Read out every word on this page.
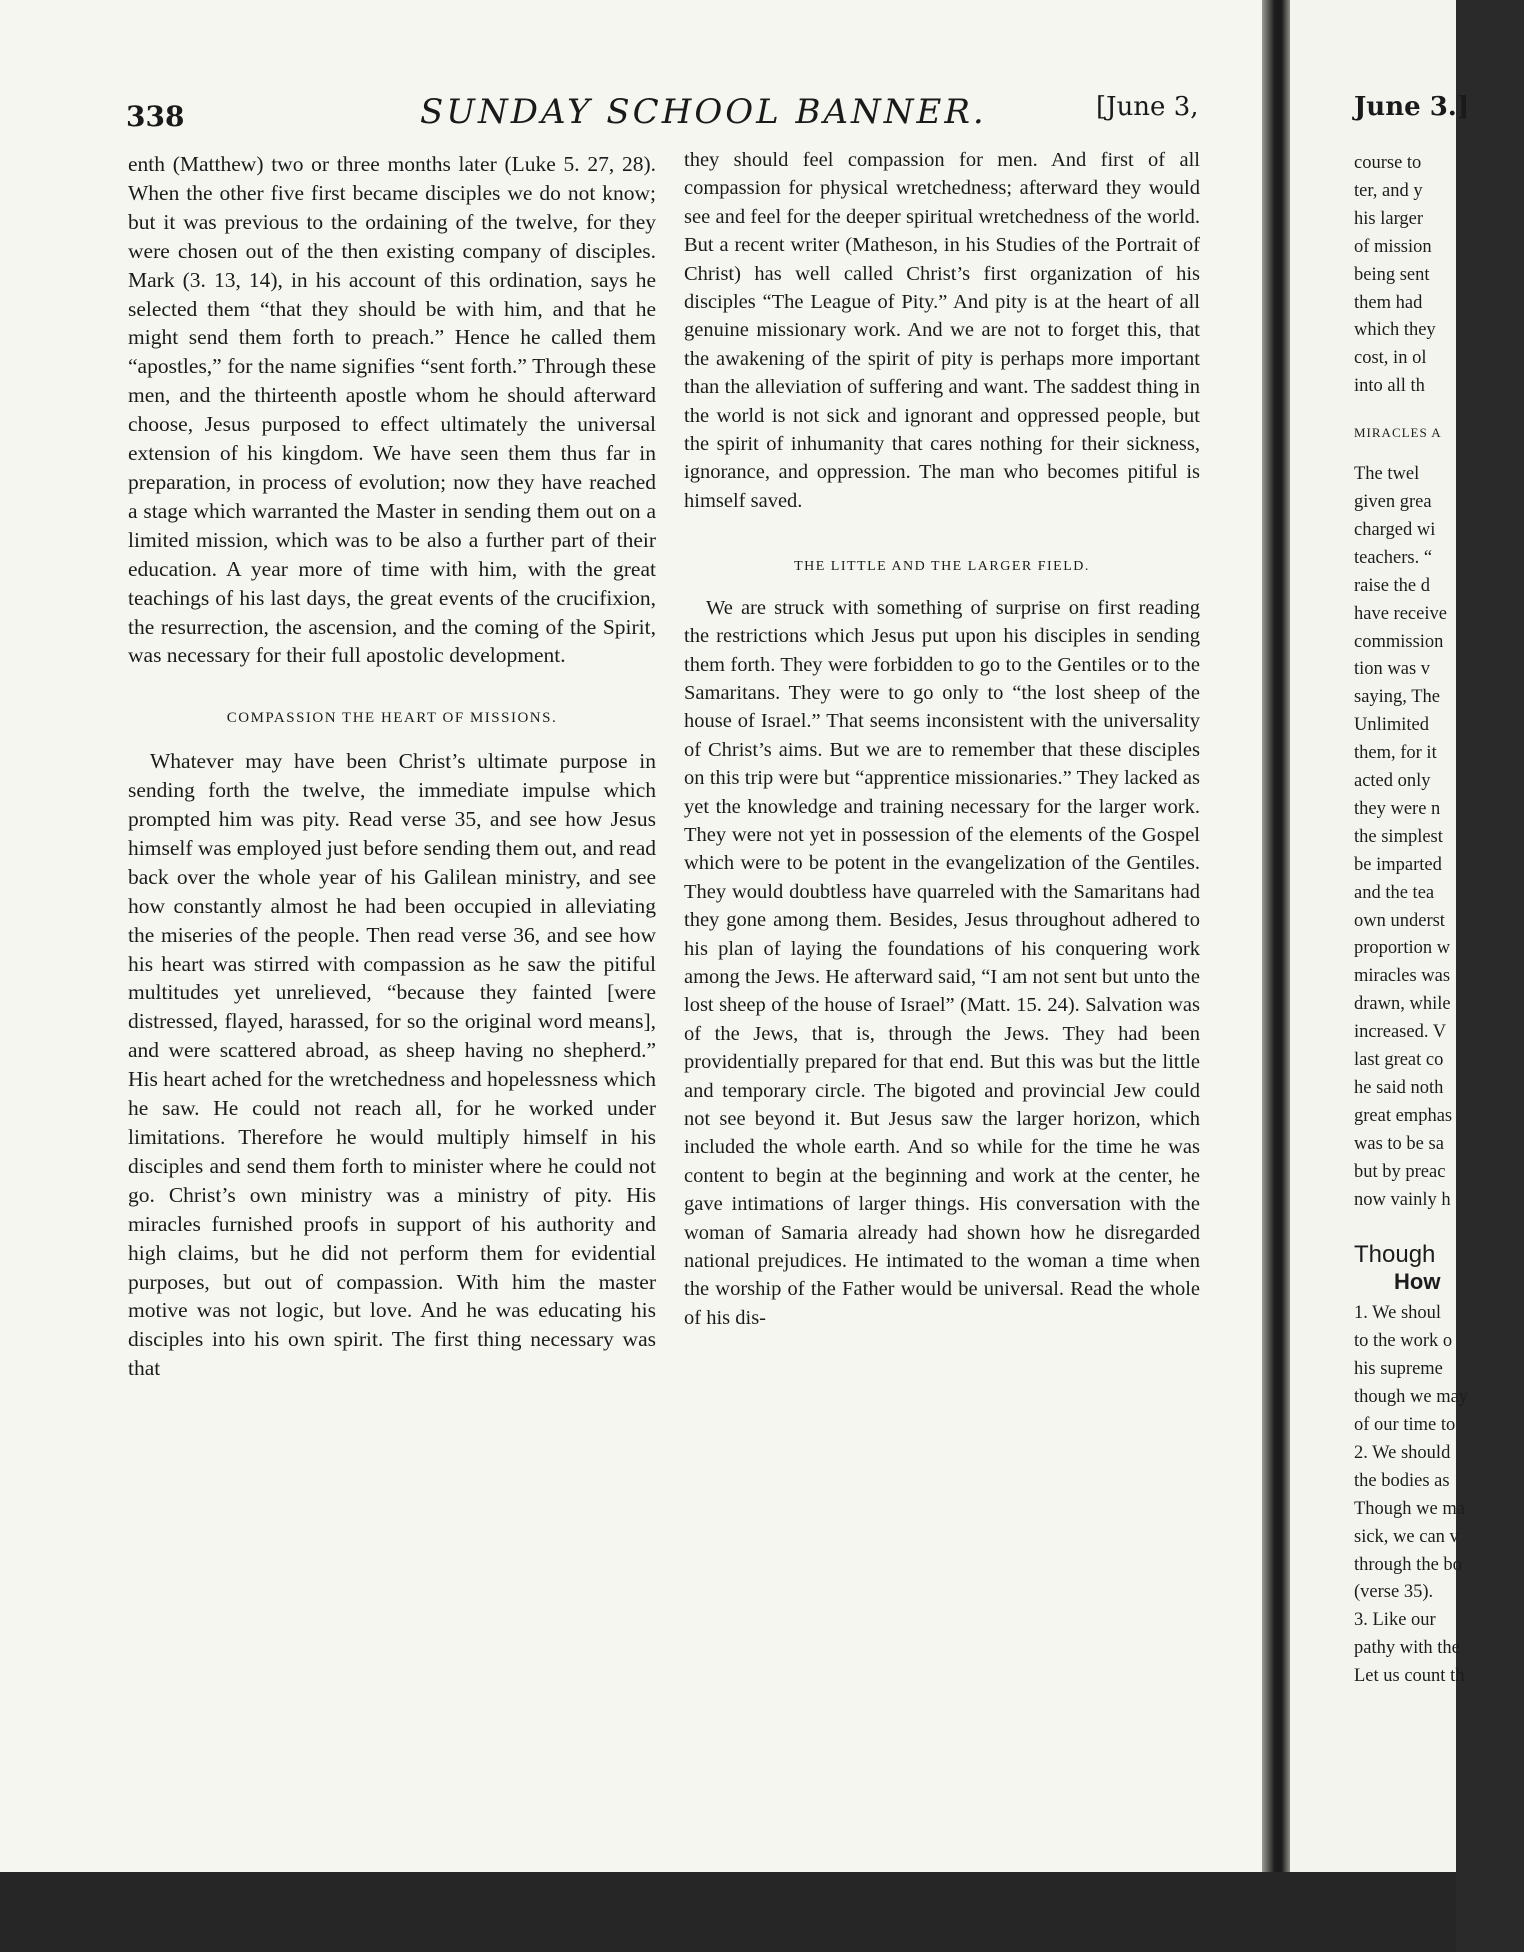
338	SUNDAY SCHOOL BANNER.	[June 3,

enth (Matthew) two or three months later (Luke 5. 27, 28). When the other five first became disciples we do not know; but it was previous to the ordaining of the twelve, for they were chosen out of the then existing company of disciples. Mark (3. 13, 14), in his account of this ordination, says he selected them “that they should be with him, and that he might send them forth to preach.” Hence he called them “apostles,” for the name signifies “sent forth.” Through these men, and the thirteenth apostle whom he should afterward choose, Jesus purposed to effect ultimately the universal extension of his kingdom. We have seen them thus far in preparation, in process of evolution; now they have reached a stage which warranted the Master in sending them out on a limited mission, which was to be also a further part of their education. A year more of time with him, with the great teachings of his last days, the great events of the crucifixion, the resurrection, the ascension, and the coming of the Spirit, was necessary for their full apostolic development.

COMPASSION THE HEART OF MISSIONS.

Whatever may have been Christ’s ultimate purpose in sending forth the twelve, the immediate impulse which prompted him was pity. Read verse 35, and see how Jesus himself was employed just before sending them out, and read back over the whole year of his Galilean ministry, and see how constantly almost he had been occupied in alleviating the miseries of the people. Then read verse 36, and see how his heart was stirred with compassion as he saw the pitiful multitudes yet unrelieved, “because they fainted [were distressed, flayed, harassed, for so the original word means], and were scattered abroad, as sheep having no shepherd.” His heart ached for the wretchedness and hopelessness which he saw. He could not reach all, for he worked under limitations. Therefore he would multiply himself in his disciples and send them forth to minister where he could not go. Christ’s own ministry was a ministry of pity. His miracles furnished proofs in support of his authority and high claims, but he did not perform them for evidential purposes, but out of compassion. With him the master motive was not logic, but love. And he was educating his disciples into his own spirit. The first thing necessary was that

they should feel compassion for men. And first of all compassion for physical wretchedness; afterward they would see and feel for the deeper spiritual wretchedness of the world. But a recent writer (Matheson, in his Studies of the Portrait of Christ) has well called Christ’s first organization of his disciples “The League of Pity.” And pity is at the heart of all genuine missionary work. And we are not to forget this, that the awakening of the spirit of pity is perhaps more important than the alleviation of suffering and want. The saddest thing in the world is not sick and ignorant and oppressed people, but the spirit of inhumanity that cares nothing for their sickness, ignorance, and oppression. The man who becomes pitiful is himself saved.

THE LITTLE AND THE LARGER FIELD.

We are struck with something of surprise on first reading the restrictions which Jesus put upon his disciples in sending them forth. They were forbidden to go to the Gentiles or to the Samaritans. They were to go only to “the lost sheep of the house of Israel.” That seems inconsistent with the universality of Christ’s aims. But we are to remember that these disciples on this trip were but “apprentice missionaries.” They lacked as yet the knowledge and training necessary for the larger work. They were not yet in possession of the elements of the Gospel which were to be potent in the evangelization of the Gentiles. They would doubtless have quarreled with the Samaritans had they gone among them. Besides, Jesus throughout adhered to his plan of laying the foundations of his conquering work among the Jews. He afterward said, “I am not sent but unto the lost sheep of the house of Israel” (Matt. 15. 24). Salvation was of the Jews, that is, through the Jews. They had been providentially prepared for that end. But this was but the little and temporary circle. The bigoted and provincial Jew could not see beyond it. But Jesus saw the larger horizon, which included the whole earth. And so while for the time he was content to begin at the beginning and work at the center, he gave intimations of larger things. His conversation with the woman of Samaria already had shown how he disregarded national prejudices. He intimated to the woman a time when the worship of the Father would be universal. Read the whole of his dis-

June 3.]
course to
ter, and y
his larger
of mission
being sent
them had
which they
cost, in ol
into all th
MIRACLES A
The twel
given grea
charged wi
teachers. “
raise the d
have receive
commission
tion was v
saying, The
Unlimited
them, for it
acted only
they were n
the simplest
be imparted
and the tea
own underst
proportion w
miracles was
drawn, while
increased. V
last great co
he said noth
great emphas
was to be sa
but by preac
now vainly h
Though
How
1. We shoul
to the work o
his supreme
though we may
of our time to
2. We should
the bodies as
Though we ma
sick, we can v
through the bo
(verse 35).
3. Like our
pathy with the
Let us count th
